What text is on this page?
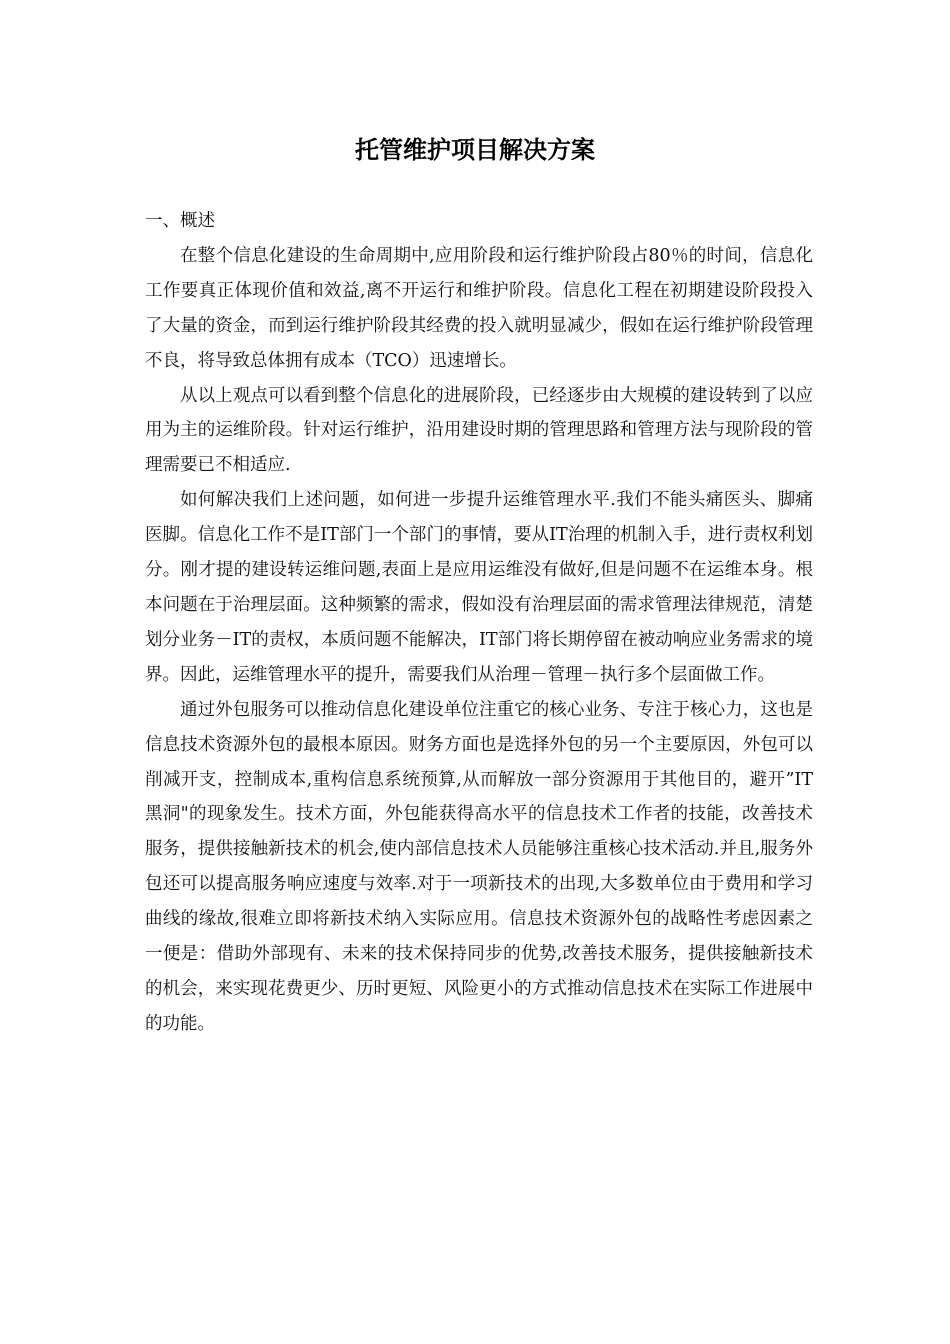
托管维护项目解决方案
一、概述

在整个信息化建设的生命周期中,应用阶段和运行维护阶段占80％的时间，信息化工作要真正体现价值和效益,离不开运行和维护阶段。信息化工程在初期建设阶段投入了大量的资金，而到运行维护阶段其经费的投入就明显减少，假如在运行维护阶段管理不良，将导致总体拥有成本（TCO）迅速增长。

从以上观点可以看到整个信息化的进展阶段，已经逐步由大规模的建设转到了以应用为主的运维阶段。针对运行维护，沿用建设时期的管理思路和管理方法与现阶段的管理需要已不相适应.

如何解决我们上述问题，如何进一步提升运维管理水平.我们不能头痛医头、脚痛医脚。信息化工作不是IT部门一个部门的事情，要从IT治理的机制入手，进行责权利划分。刚才提的建设转运维问题,表面上是应用运维没有做好,但是问题不在运维本身。根本问题在于治理层面。这种频繁的需求，假如没有治理层面的需求管理法律规范，清楚划分业务－IT的责权，本质问题不能解决，IT部门将长期停留在被动响应业务需求的境界。因此，运维管理水平的提升，需要我们从治理－管理－执行多个层面做工作。

通过外包服务可以推动信息化建设单位注重它的核心业务、专注于核心力，这也是信息技术资源外包的最根本原因。财务方面也是选择外包的另一个主要原因，外包可以削减开支，控制成本,重构信息系统预算,从而解放一部分资源用于其他目的，避开”IT黑洞"的现象发生。技术方面，外包能获得高水平的信息技术工作者的技能，改善技术服务，提供接触新技术的机会,使内部信息技术人员能够注重核心技术活动.并且,服务外包还可以提高服务响应速度与效率.对于一项新技术的出现,大多数单位由于费用和学习曲线的缘故,很难立即将新技术纳入实际应用。信息技术资源外包的战略性考虑因素之一便是：借助外部现有、未来的技术保持同步的优势,改善技术服务，提供接触新技术的机会，来实现花费更少、历时更短、风险更小的方式推动信息技术在实际工作进展中的功能。
